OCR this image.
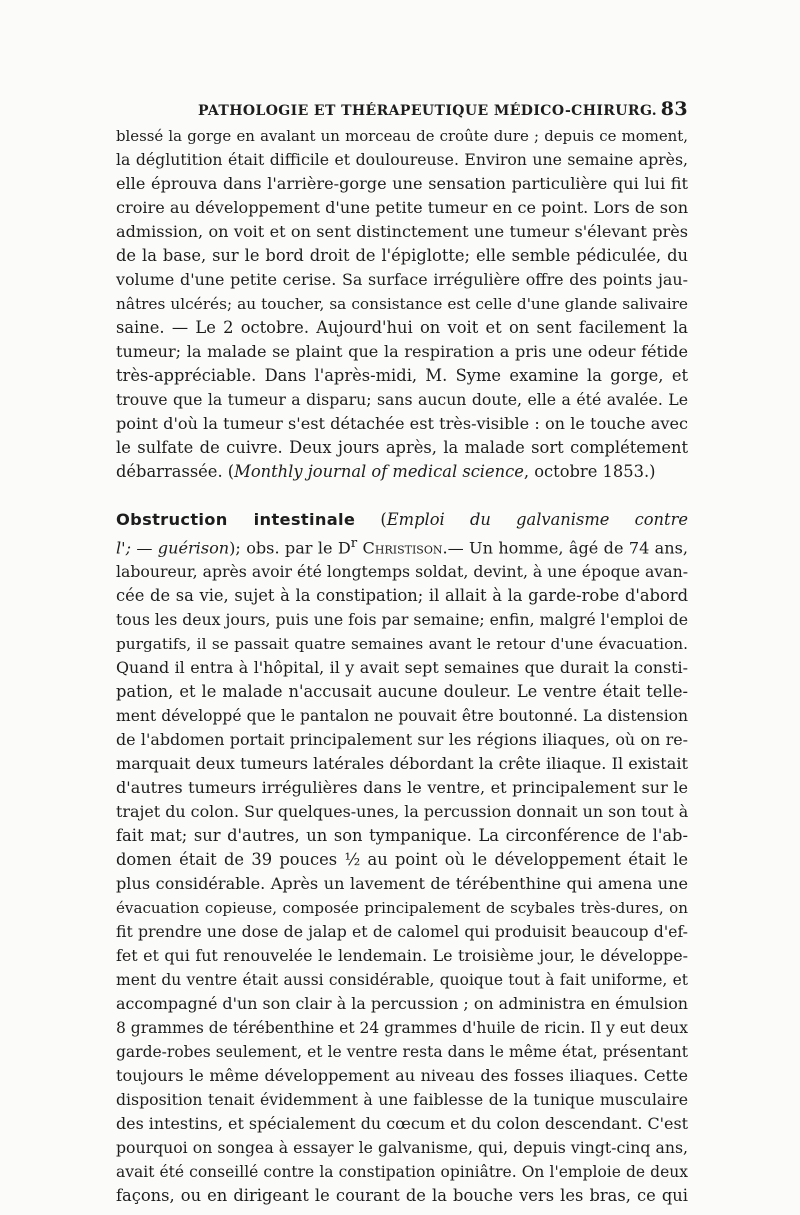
PATHOLOGIE ET THÉRAPEUTIQUE MÉDICO-CHIRURG. 83
blessé la gorge en avalant un morceau de croûte dure ; depuis ce moment,
la déglutition était difficile et douloureuse. Environ une semaine après,
elle éprouva dans l'arrière-gorge une sensation particulière qui lui fit
croire au développement d'une petite tumeur en ce point. Lors de son
admission, on voit et on sent distinctement une tumeur s'élevant près
de la base, sur le bord droit de l'épiglotte; elle semble pédiculée, du
volume d'une petite cerise. Sa surface irrégulière offre des points jau-
nâtres ulcérés; au toucher, sa consistance est celle d'une glande salivaire
saine. — Le 2 octobre. Aujourd'hui on voit et on sent facilement la
tumeur; la malade se plaint que la respiration a pris une odeur fétide
très-appréciable. Dans l'après-midi, M. Syme examine la gorge, et
trouve que la tumeur a disparu; sans aucun doute, elle a été avalée. Le
point d'où la tumeur s'est détachée est très-visible : on le touche avec
le sulfate de cuivre. Deux jours après, la malade sort complétement
débarrassée. (Monthly journal of medical science, octobre 1853.)
Obstruction intestinale (Emploi du galvanisme contre
l'; — guérison); obs. par le $D^r$ Christison.— Un homme, âgé de 74 ans,
laboureur, après avoir été longtemps soldat, devint, à une époque avan-
cée de sa vie, sujet à la constipation; il allait à la garde-robe d'abord
tous les deux jours, puis une fois par semaine; enfin, malgré l'emploi de
purgatifs, il se passait quatre semaines avant le retour d'une évacuation.
Quand il entra à l'hôpital, il y avait sept semaines que durait la consti-
pation, et le malade n'accusait aucune douleur. Le ventre était telle-
ment développé que le pantalon ne pouvait être boutonné. La distension
de l'abdomen portait principalement sur les régions iliaques, où on re-
marquait deux tumeurs latérales débordant la crête iliaque. Il existait
d'autres tumeurs irrégulières dans le ventre, et principalement sur le
trajet du colon. Sur quelques-unes, la percussion donnait un son tout à
fait mat; sur d'autres, un son tympanique. La circonférence de l'ab-
domen était de 39 pouces ½ au point où le développement était le
plus considérable. Après un lavement de térébenthine qui amena une
évacuation copieuse, composée principalement de scybales très-dures, on
fit prendre une dose de jalap et de calomel qui produisit beaucoup d'ef-
fet et qui fut renouvelée le lendemain. Le troisième jour, le développe-
ment du ventre était aussi considérable, quoique tout à fait uniforme, et
accompagné d'un son clair à la percussion ; on administra en émulsion
8 grammes de térébenthine et 24 grammes d'huile de ricin. Il y eut deux
garde-robes seulement, et le ventre resta dans le même état, présentant
toujours le même développement au niveau des fosses iliaques. Cette
disposition tenait évidemment à une faiblesse de la tunique musculaire
des intestins, et spécialement du cœcum et du colon descendant. C'est
pourquoi on songea à essayer le galvanisme, qui, depuis vingt-cinq ans,
avait été conseillé contre la constipation opiniâtre. On l'emploie de deux
façons, ou en dirigeant le courant de la bouche vers les bras, ce qui
